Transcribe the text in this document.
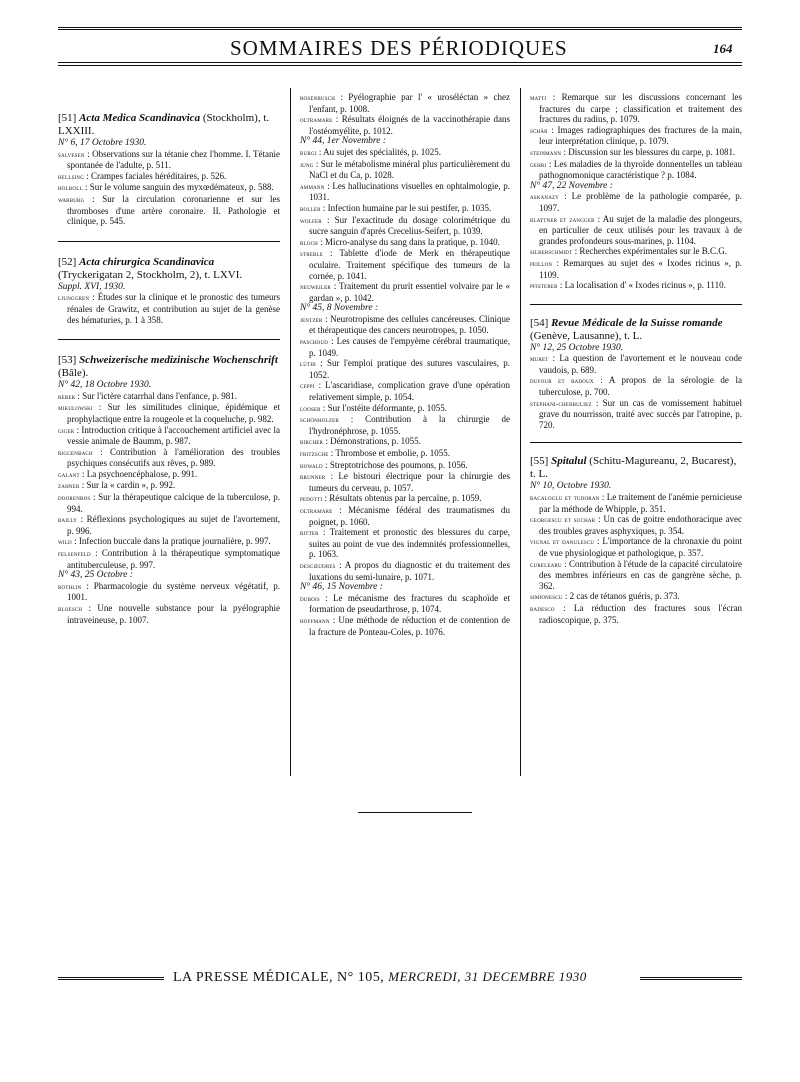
SOMMAIRES DES PÉRIODIQUES	164

[51] Acta Medica Scandinavica (Stockholm), t. LXXIII.

N° 6, 17 Octobre 1930.

salvesen : Observations sur la tétanie chez l'homme. I. Tétanie spontanée de l'adulte, p. 511.

hellsing : Crampes faciales héréditaires, p. 526.

holboll : Sur le volume sanguin des myxœdémateux, p. 588.

warburg : Sur la circulation coronarienne et sur les thromboses d'une artère coronaire. II. Pathologie et clinique, p. 545.

[52] Acta chirurgica Scandinavica (Tryckerigatan 2, Stockholm, 2), t. LXVI.

Suppl. XVI, 1930.

ljunggren : Études sur la clinique et le pronostic des tumeurs rénales de Grawitz, et contribution au sujet de la genèse des hématuries, p. 1 à 358.

[53] Schweizerische medizinische Wochenschrift (Bâle).

N° 42, 18 Octobre 1930.

reber : Sur l'ictère catarrhal dans l'enfance, p. 981.

mikulowski : Sur les similitudes clinique, épidémique et prophylactique entre la rougeole et la coqueluche, p. 982.

giger : Introduction critique à l'accouchement artificiel avec la vessie animale de Baumm, p. 987.

riggenbach : Contribution à l'amélioration des troubles psychiques consécutifs aux rêves, p. 989.

galant : La psychoencéphalose, p. 991.

zahner : Sur la « cardin », p. 992.

doorenbos : Sur la thérapeutique calcique de la tuberculose, p. 994.

bailly : Réflexions psychologiques au sujet de l'avortement, p. 996.

wild : Infection buccale dans la pratique journalière, p. 997.

felsenfeld : Contribution à la thérapeutique symptomatique antituberculeuse, p. 997.

N° 43, 25 Octobre :

rothlin : Pharmacologie du système nerveux végétatif, p. 1001.

bloesch : Une nouvelle substance pour la pyélographie intraveineuse, p. 1007.

rosenbusch : Pyélographie par l' « uroséléctan » chez l'enfant, p. 1008.

oltramare : Résultats éloignés de la vaccinothérapie dans l'ostéomyélite, p. 1012.

N° 44, 1er Novembre :

burgi : Au sujet des spécialités, p. 1025.

jung : Sur le métabolisme minéral plus particulièrement du NaCl et du Ca, p. 1028.

ammann : Les hallucinations visuelles en ophtalmologie, p. 1031.

boller : Infection humaine par le sui pestifer, p. 1035.

wolfer : Sur l'exactitude du dosage colorimétrique du sucre sanguin d'après Crecelius-Seifert, p. 1039.

bloch : Micro-analyse du sang dans la pratique, p. 1040.

streble : Tablette d'iode de Merk en thérapeutique oculaire. Traitement spécifique des tumeurs de la cornée, p. 1041.

neuweiler : Traitement du prurit essentiel volvaire par le « gardan », p. 1042.

N° 45, 8 Novembre :

jentzer : Neurotropisme des cellules cancéreuses. Clinique et thérapeutique des cancers neurotropes, p. 1050.

paschoud : Les causes de l'empyème cérébral traumatique, p. 1049.

lüthi : Sur l'emploi pratique des sutures vasculaires, p. 1052.

ceppi : L'ascaridiase, complication grave d'une opération relativement simple, p. 1054.

looser : Sur l'ostéite déformante, p. 1055.

schönholzer : Contribution à la chirurgie de l'hydronéphrose, p. 1055.

bircher : Démonstrations, p. 1055.

fritzsche : Thrombose et embolie, p. 1055.

howald : Streptotrichose des poumons, p. 1056.

brunner : Le bistouri électrique pour la chirurgie des tumeurs du cerveau, p. 1057.

pedotti : Résultats obtenus par la percaïne, p. 1059.

oltramare : Mécanisme fédéral des traumatismes du poignet, p. 1060.

ritter : Traitement et pronostic des blessures du carpe, suites au point de vue des indemnités professionnelles, p. 1063.

descœudres : A propos du diagnostic et du traitement des luxations du semi-lunaire, p. 1071.

N° 46, 15 Novembre :

dubois : Le mécanisme des fractures du scaphoïde et formation de pseudarthrose, p. 1074.

hoffmann : Une méthode de réduction et de contention de la fracture de Ponteau-Coles, p. 1076.

matti : Remarque sur les discussions concernant les fractures du carpe ; classification et traitement des fractures du radius, p. 1079.

schär : Images radiographiques des fractures de la main, leur interprétation clinique, p. 1079.

steinmann : Discussion sur les blessures du carpe, p. 1081.

gehri : Les maladies de la thyroïde donnentelles un tableau pathognomonique caractéristique ? p. 1084.

N° 47, 22 Novembre :

askanazy : Le problème de la pathologie comparée, p. 1097.

blattner et zangger : Au sujet de la maladie des plongeurs, en particulier de ceux utilisés pour les travaux à de grandes profondeurs sous-marines, p. 1104.

silberschmidt : Recherches expérimentales sur le B.C.G.

peillon : Remarques au sujet des « Ixodes ricinus », p. 1109.

pfisterer : La localisation d' « Ixodes ricinus », p. 1110.

[54] Revue Médicale de la Suisse romande (Genève, Lausanne), t. L.

N° 12, 25 Octobre 1930.

muret : La question de l'avortement et le nouveau code vaudois, p. 689.

dufour et badoux : A propos de la sérologie de la tuberculose, p. 700.

stephani-cherbuliez : Sur un cas de vomissement habituel grave du nourrisson, traité avec succès par l'atropine, p. 720.

[55] Spitalul (Schitu-Magureanu, 2, Bucarest), t. L.

N° 10, Octobre 1930.

bacaloglu et tudoran : Le traitement de l'anémie pernicieuse par la méthode de Whipple, p. 351.

georgescu et suchar : Un cas de goitre endothoracique avec des troubles graves asphyxiques, p. 354.

vignal et danulescu : L'importance de la chronaxie du point de vue physiologique et pathologique, p. 357.

curelearu : Contribution à l'étude de la capacité circulatoire des membres inférieurs en cas de gangrène sèche, p. 362.

simionescu : 2 cas de tétanos guéris, p. 373.

badesco : La réduction des fractures sous l'écran radioscopique, p. 375.

LA PRESSE MÉDICALE, N° 105, MERCREDI, 31 DECEMBRE 1930
